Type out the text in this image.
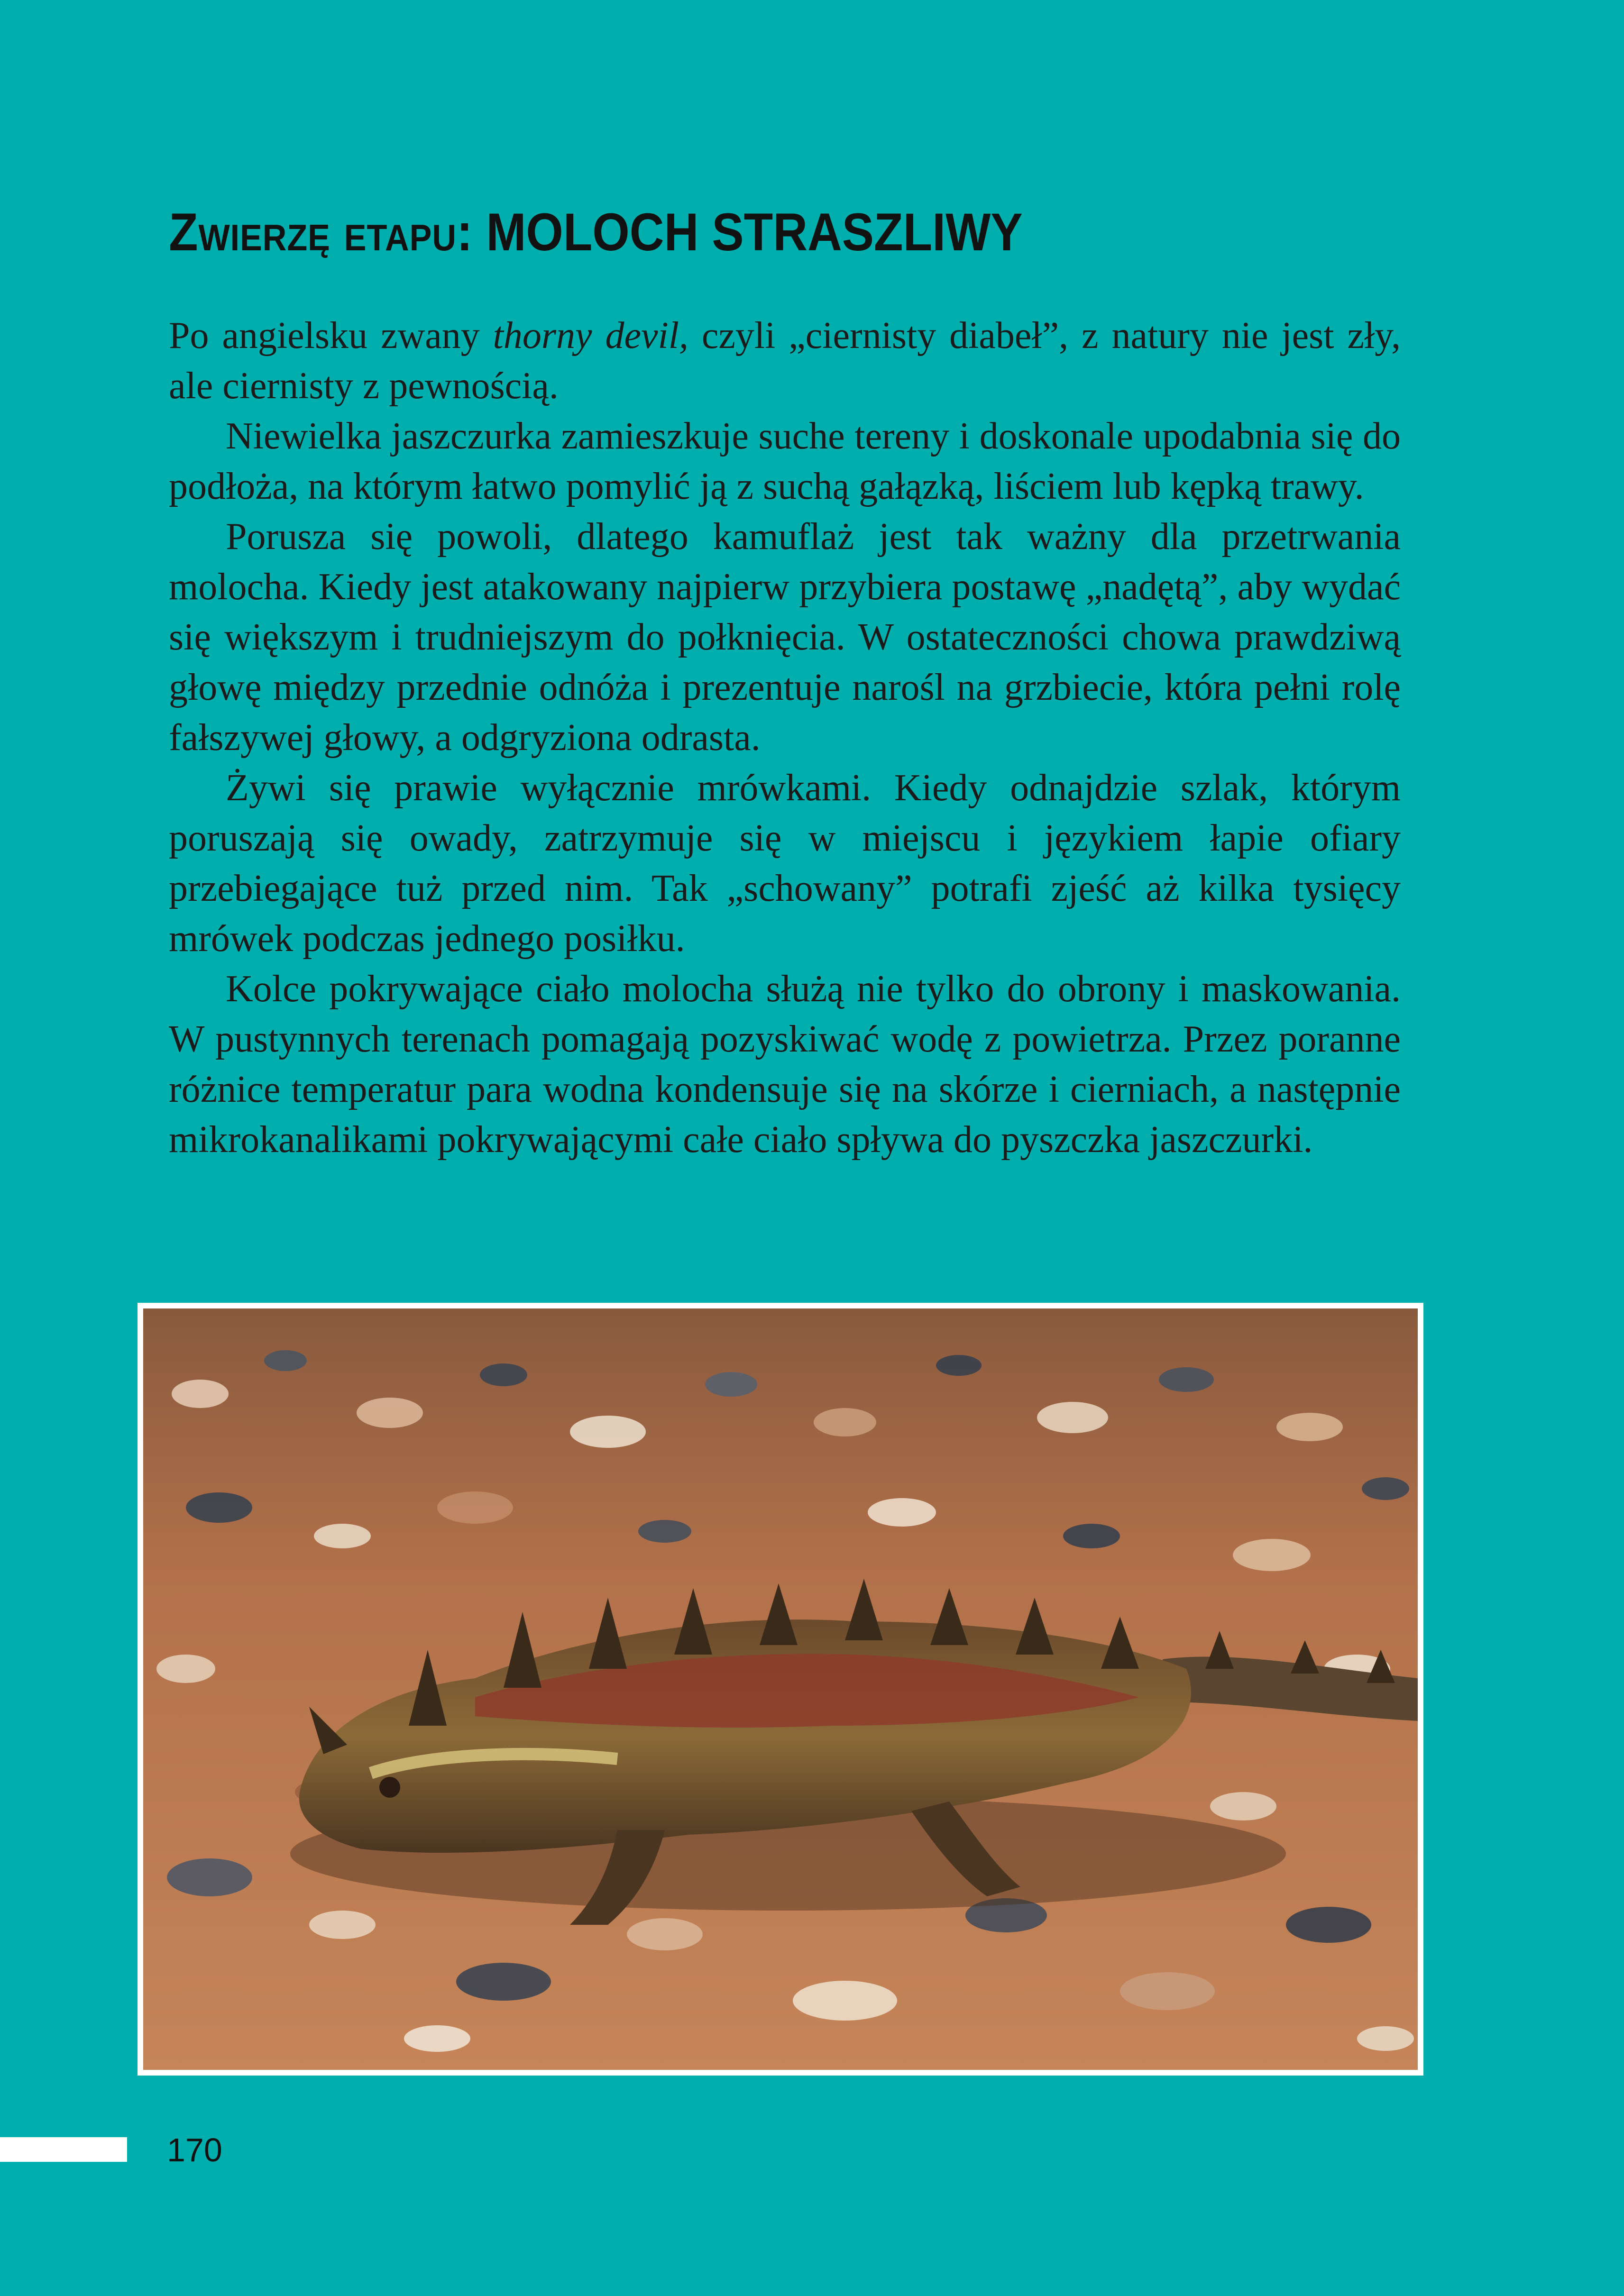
Zwierzę etapu: MOLOCH STRASZLIWY

Po angielsku zwany thorny devil, czyli „ciernisty diabeł”, z natury nie jest zły, ale ciernisty z pewnością.

Niewielka jaszczurka zamieszkuje suche tereny i doskonale upodabnia się do podłoża, na którym łatwo pomylić ją z suchą gałązką, liściem lub kępką trawy.

Porusza się powoli, dlatego kamuflaż jest tak ważny dla przetrwania molocha. Kiedy jest atakowany najpierw przybiera postawę „nadętą”, aby wydać się większym i trudniejszym do połknięcia. W ostateczności chowa prawdziwą głowę między przednie odnóża i prezentuje narośl na grzbiecie, która pełni rolę fałszywej głowy, a odgryziona odrasta.

Żywi się prawie wyłącznie mrówkami. Kiedy odnajdzie szlak, którym poruszają się owady, zatrzymuje się w miejscu i językiem łapie ofiary przebiegające tuż przed nim. Tak „schowany” potrafi zjeść aż kilka tysięcy mrówek podczas jednego posiłku.

Kolce pokrywające ciało molocha służą nie tylko do obrony i maskowania. W pustynnych terenach pomagają pozyskiwać wodę z powietrza. Przez poranne różnice temperatur para wodna kondensuje się na skórze i cierniach, a następnie mikrokanalikami pokrywającymi całe ciało spływa do pyszczka jaszczurki.

170
